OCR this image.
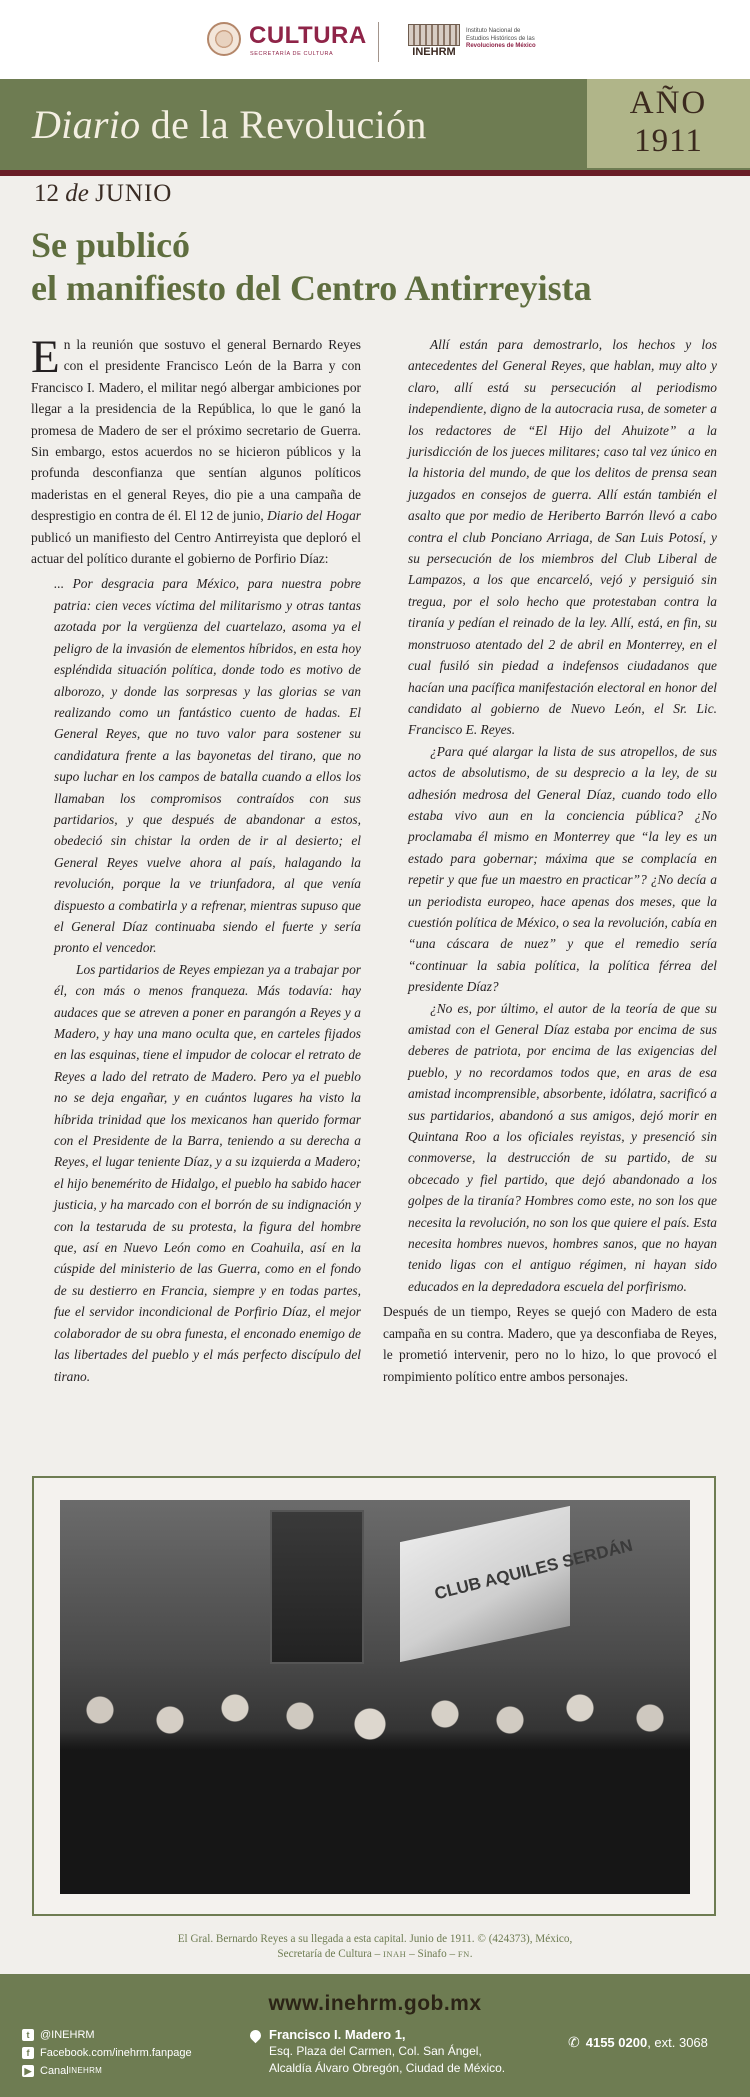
CULTURA
SECRETARÍA DE CULTURA	INEHRM
Instituto Nacional de
Estudios Históricos de las
Revoluciones de México
Diario de la Revolución	AÑO
1911
12 de JUNIO
Se publicó
el manifiesto del Centro Antirreyista

En la reunión que sostuvo el general Bernardo Reyes con el presidente Francisco León de la Barra y con Francisco I. Madero, el militar negó albergar ambiciones por llegar a la presidencia de la República, lo que le ganó la promesa de Madero de ser el próximo secretario de Guerra. Sin embargo, estos acuerdos no se hicieron públicos y la profunda desconfianza que sentían algunos políticos maderistas en el general Reyes, dio pie a una campaña de desprestigio en contra de él. El 12 de junio, Diario del Hogar publicó un manifiesto del Centro Antirreyista que deploró el actuar del político durante el gobierno de Porfirio Díaz:

... Por desgracia para México, para nuestra pobre patria: cien veces víctima del militarismo y otras tantas azotada por la vergüenza del cuartelazo, asoma ya el peligro de la invasión de elementos híbridos, en esta hoy espléndida situación política, donde todo es motivo de alborozo, y donde las sorpresas y las glorias se van realizando como un fantástico cuento de hadas. El General Reyes, que no tuvo valor para sostener su candidatura frente a las bayonetas del tirano, que no supo luchar en los campos de batalla cuando a ellos los llamaban los compromisos contraídos con sus partidarios, y que después de abandonar a estos, obedeció sin chistar la orden de ir al desierto; el General Reyes vuelve ahora al país, halagando la revolución, porque la ve triunfadora, al que venía dispuesto a combatirla y a refrenar, mientras supuso que el General Díaz continuaba siendo el fuerte y sería pronto el vencedor.

Los partidarios de Reyes empiezan ya a trabajar por él, con más o menos franqueza. Más todavía: hay audaces que se atreven a poner en parangón a Reyes y a Madero, y hay una mano oculta que, en carteles fijados en las esquinas, tiene el impudor de colocar el retrato de Reyes a lado del retrato de Madero. Pero ya el pueblo no se deja engañar, y en cuántos lugares ha visto la híbrida trinidad que los mexicanos han querido formar con el Presidente de la Barra, teniendo a su derecha a Reyes, el lugar teniente Díaz, y a su izquierda a Madero; el hijo benemérito de Hidalgo, el pueblo ha sabido hacer justicia, y ha marcado con el borrón de su indignación y con la testaruda de su protesta, la figura del hombre que, así en Nuevo León como en Coahuila, así en la cúspide del ministerio de las Guerra, como en el fondo de su destierro en Francia, siempre y en todas partes, fue el servidor incondicional de Porfirio Díaz, el mejor colaborador de su obra funesta, el enconado enemigo de las libertades del pueblo y el más perfecto discípulo del tirano.

Allí están para demostrarlo, los hechos y los antecedentes del General Reyes, que hablan, muy alto y claro, allí está su persecución al periodismo independiente, digno de la autocracia rusa, de someter a los redactores de “El Hijo del Ahuizote” a la jurisdicción de los jueces militares; caso tal vez único en la historia del mundo, de que los delitos de prensa sean juzgados en consejos de guerra. Allí están también el asalto que por medio de Heriberto Barrón llevó a cabo contra el club Ponciano Arriaga, de San Luis Potosí, y su persecución de los miembros del Club Liberal de Lampazos, a los que encarceló, vejó y persiguió sin tregua, por el solo hecho que protestaban contra la tiranía y pedían el reinado de la ley. Allí, está, en fin, su monstruoso atentado del 2 de abril en Monterrey, en el cual fusiló sin piedad a indefensos ciudadanos que hacían una pacífica manifestación electoral en honor del candidato al gobierno de Nuevo León, el Sr. Lic. Francisco E. Reyes.

¿Para qué alargar la lista de sus atropellos, de sus actos de absolutismo, de su desprecio a la ley, de su adhesión medrosa del General Díaz, cuando todo ello estaba vivo aun en la conciencia pública? ¿No proclamaba él mismo en Monterrey que “la ley es un estado para gobernar; máxima que se complacía en repetir y que fue un maestro en practicar”? ¿No decía a un periodista europeo, hace apenas dos meses, que la cuestión política de México, o sea la revolución, cabía en “una cáscara de nuez” y que el remedio sería “continuar la sabia política, la política férrea del presidente Díaz?

¿No es, por último, el autor de la teoría de que su amistad con el General Díaz estaba por encima de sus deberes de patriota, por encima de las exigencias del pueblo, y no recordamos todos que, en aras de esa amistad incomprensible, absorbente, idólatra, sacrificó a sus partidarios, abandonó a sus amigos, dejó morir en Quintana Roo a los oficiales reyistas, y presenció sin conmoverse, la destrucción de su partido, de su obcecado y fiel partido, que dejó abandonado a los golpes de la tiranía? Hombres como este, no son los que necesita la revolución, no son los que quiere el país. Esta necesita hombres nuevos, hombres sanos, que no hayan tenido ligas con el antiguo régimen, ni hayan sido educados en la depredadora escuela del porfirismo.

Después de un tiempo, Reyes se quejó con Madero de esta campaña en su contra. Madero, que ya desconfiaba de Reyes, le prometió intervenir, pero no lo hizo, lo que provocó el rompimiento político entre ambos personajes.

CLUB AQUILES SERDÁN
El Gral. Bernardo Reyes a su llegada a esta capital. Junio de 1911. © (424373), México,
Secretaría de Cultura – INAH – Sinafo – FN.
www.inehrm.gob.mx
t @INEHRM
f Facebook.com/inehrm.fanpage
▶ Canal INEHRM
Francisco I. Madero 1,
Esq. Plaza del Carmen, Col. San Ángel,
Alcaldía Álvaro Obregón, Ciudad de México.
✆ 4155 0200, ext. 3068
